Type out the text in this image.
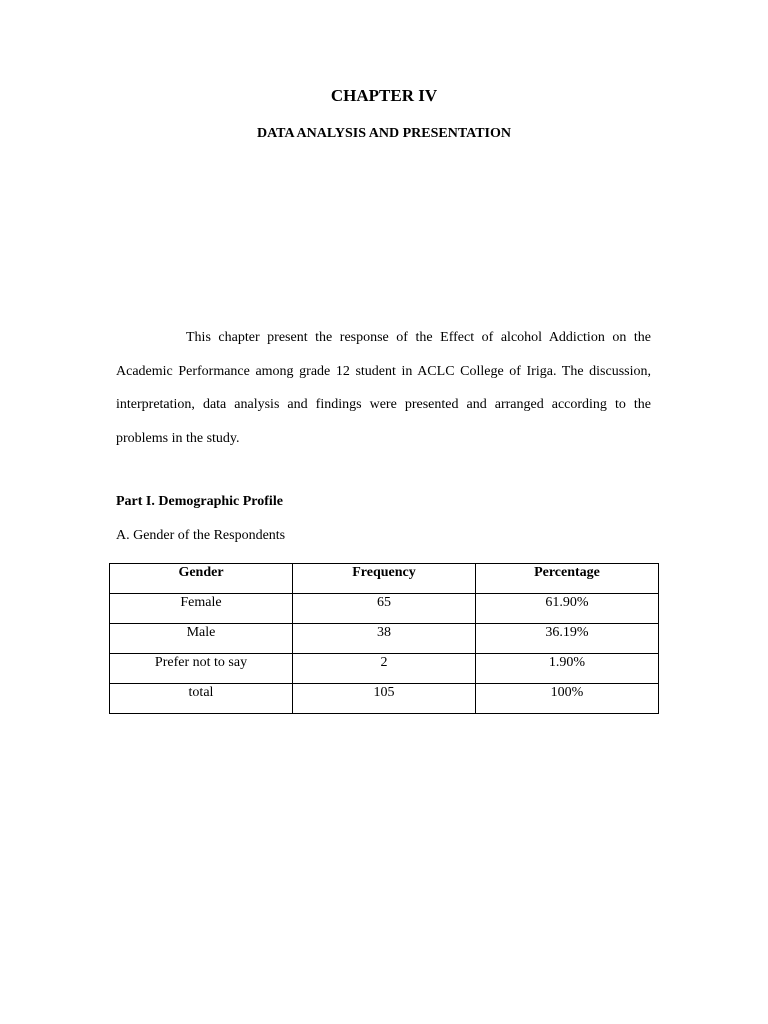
CHAPTER IV
DATA ANALYSIS AND PRESENTATION

This chapter present the response of the Effect of alcohol Addiction on the Academic Performance among grade 12 student in ACLC College of Iriga. The discussion, interpretation, data analysis and findings were presented and arranged according to the problems in the study.

Part I. Demographic Profile

A. Gender of the Respondents

Gender	Frequency	Percentage
Female	65	61.90%
Male	38	36.19%
Prefer not to say	2	1.90%
total	105	100%
